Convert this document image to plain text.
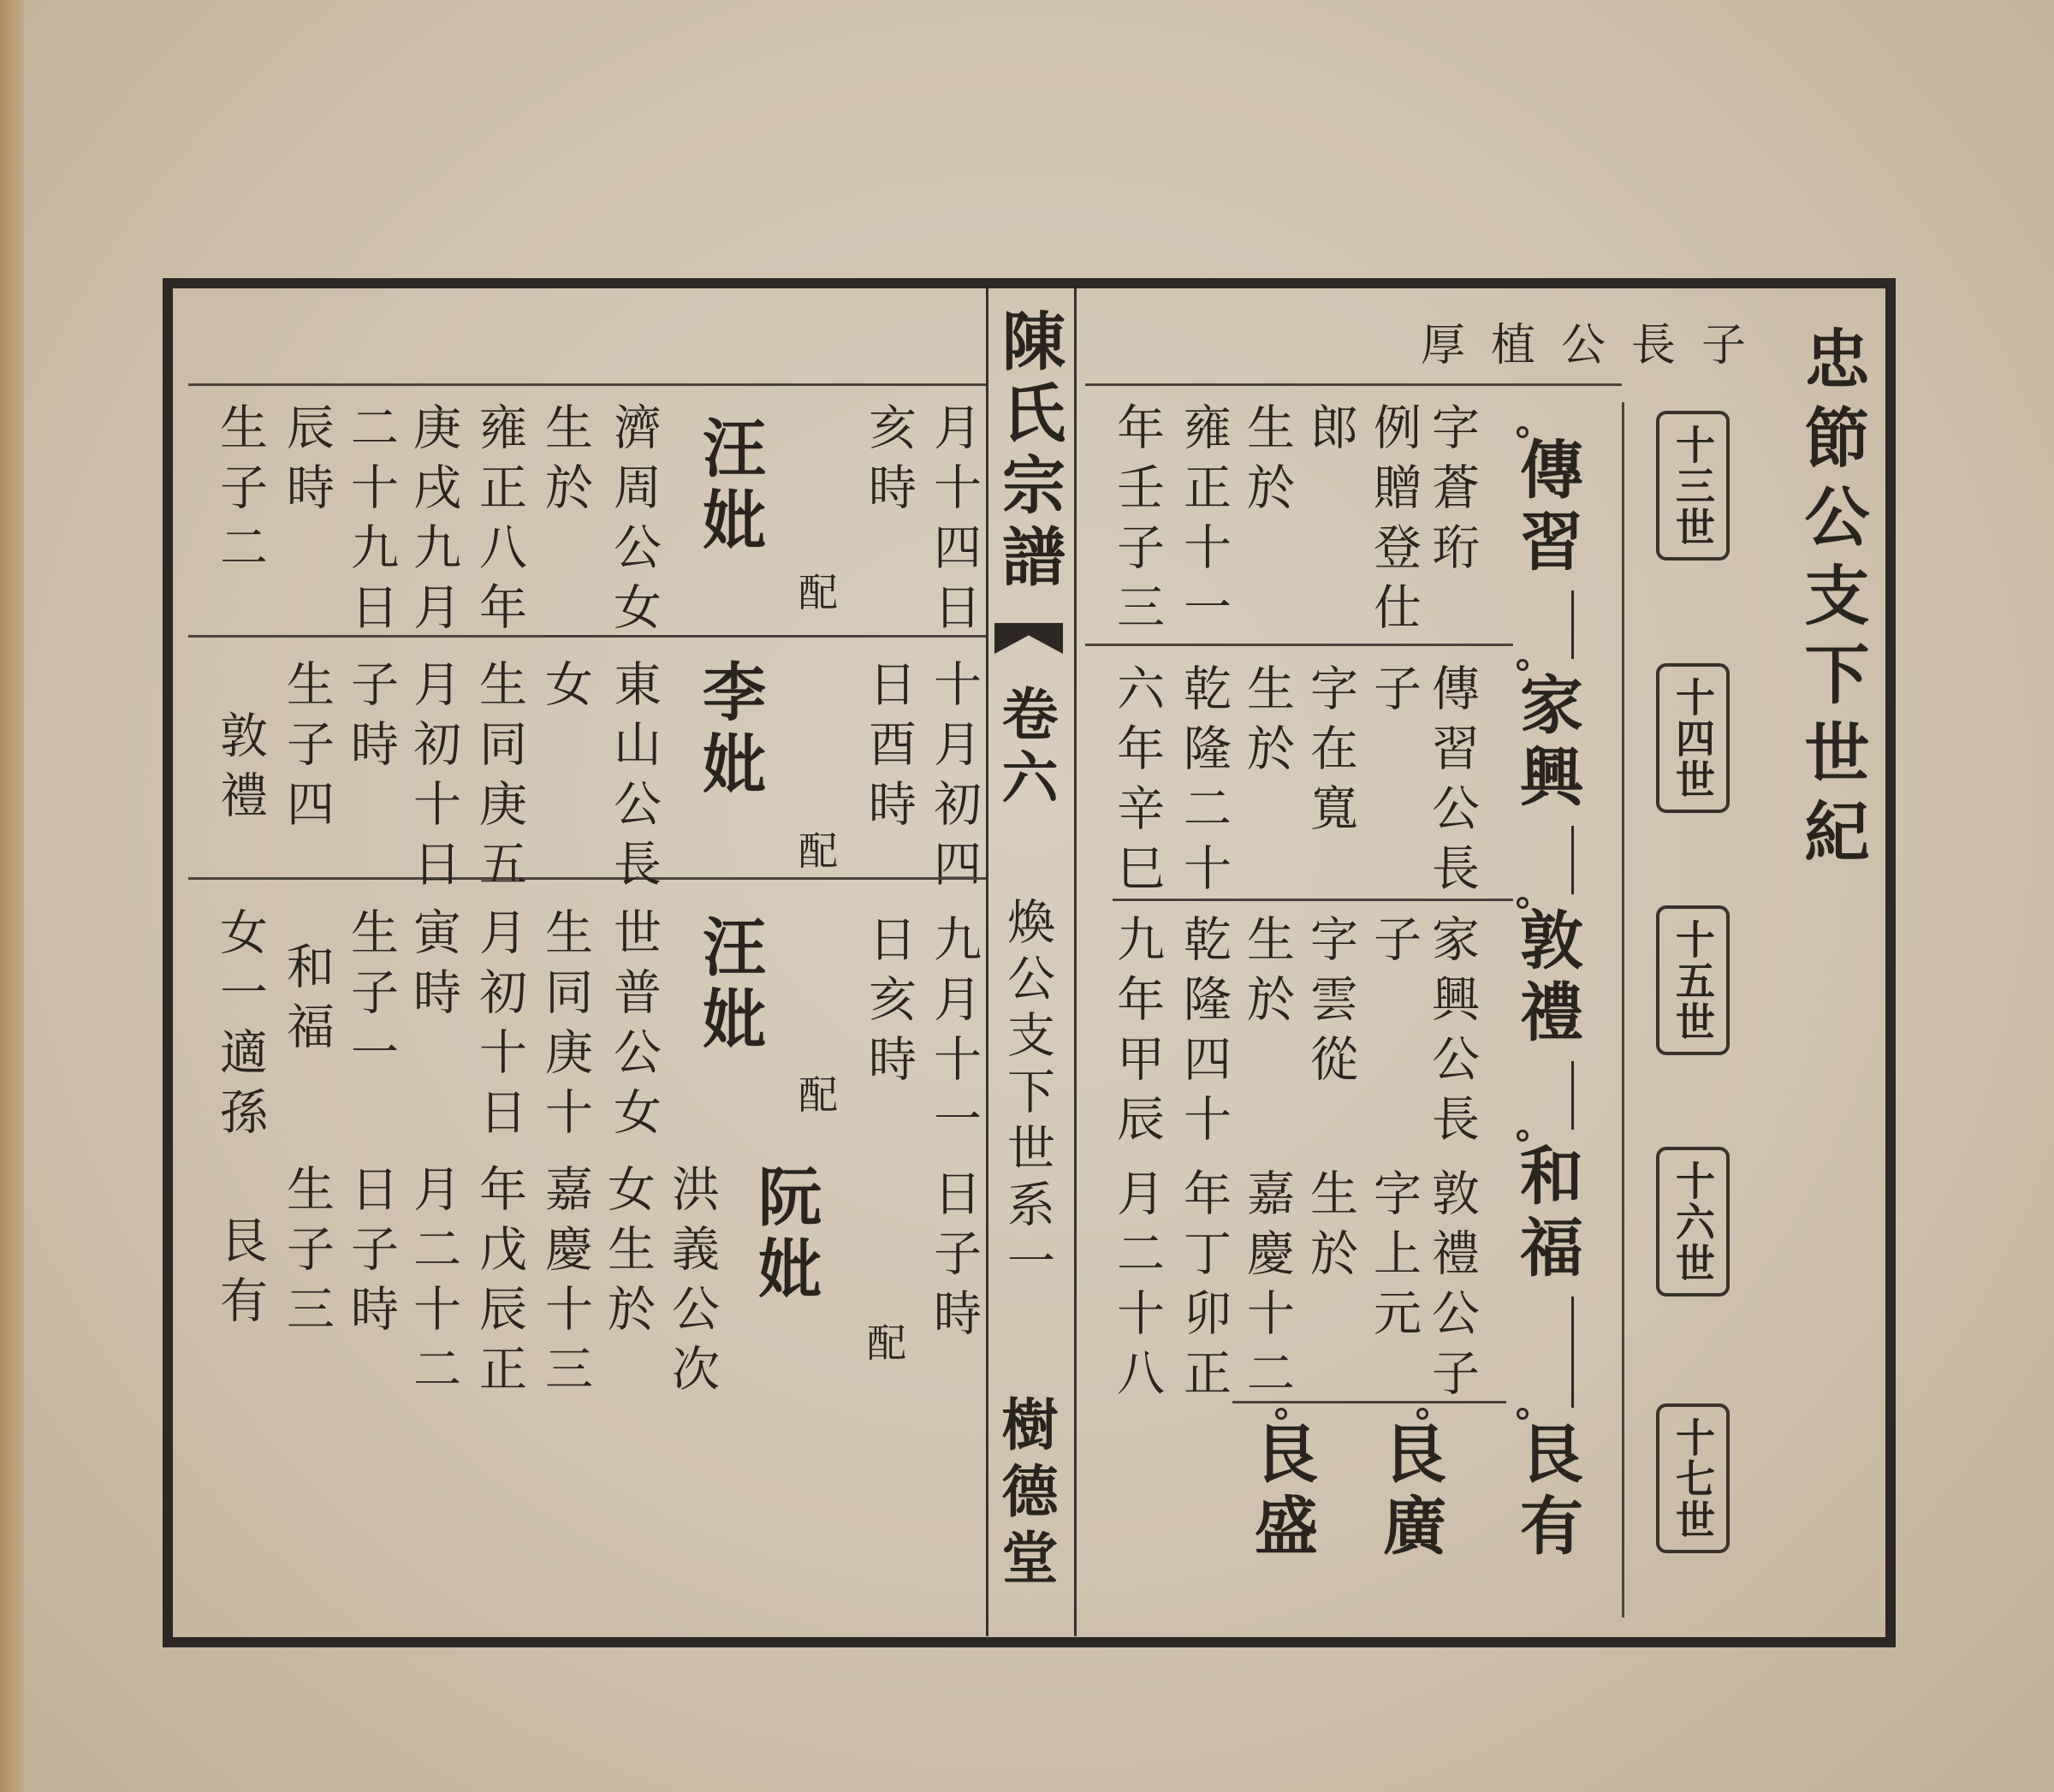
忠節公支下世紀
厚植公長子
十三世
十四世
十五世
十六世
十七世
傳習
家興
敦禮
和福
艮有
艮廣
艮盛
字蒼珩
例贈登仕
郎
生於
雍正十一
年壬子三
月十四日
亥時
傳習公長
子
字在寬
生於
乾隆二十
六年辛巳
十月初四
日酉時
家興公長
子
字雲從
生於
乾隆四十
九年甲辰
九月十一
日亥時
敦禮公子
字上元
生於
嘉慶十二
年丁卯正
月二十八
日子時
陳氏宗譜
卷六
煥公支下世系一
樹德堂
配
汪妣
濟周公女
生於
雍正八年
庚戌九月
二十九日
辰時
生子二
配
李妣
東山公長
女
生同庚五
月初十日
子時
生子四
敦禮
配
汪妣
世普公女
生同庚十
月初十日
寅時
生子一
和福
女一適孫
配
阮妣
洪義公次
女生於
嘉慶十三
年戊辰正
月二十二
日子時
生子三
艮有
